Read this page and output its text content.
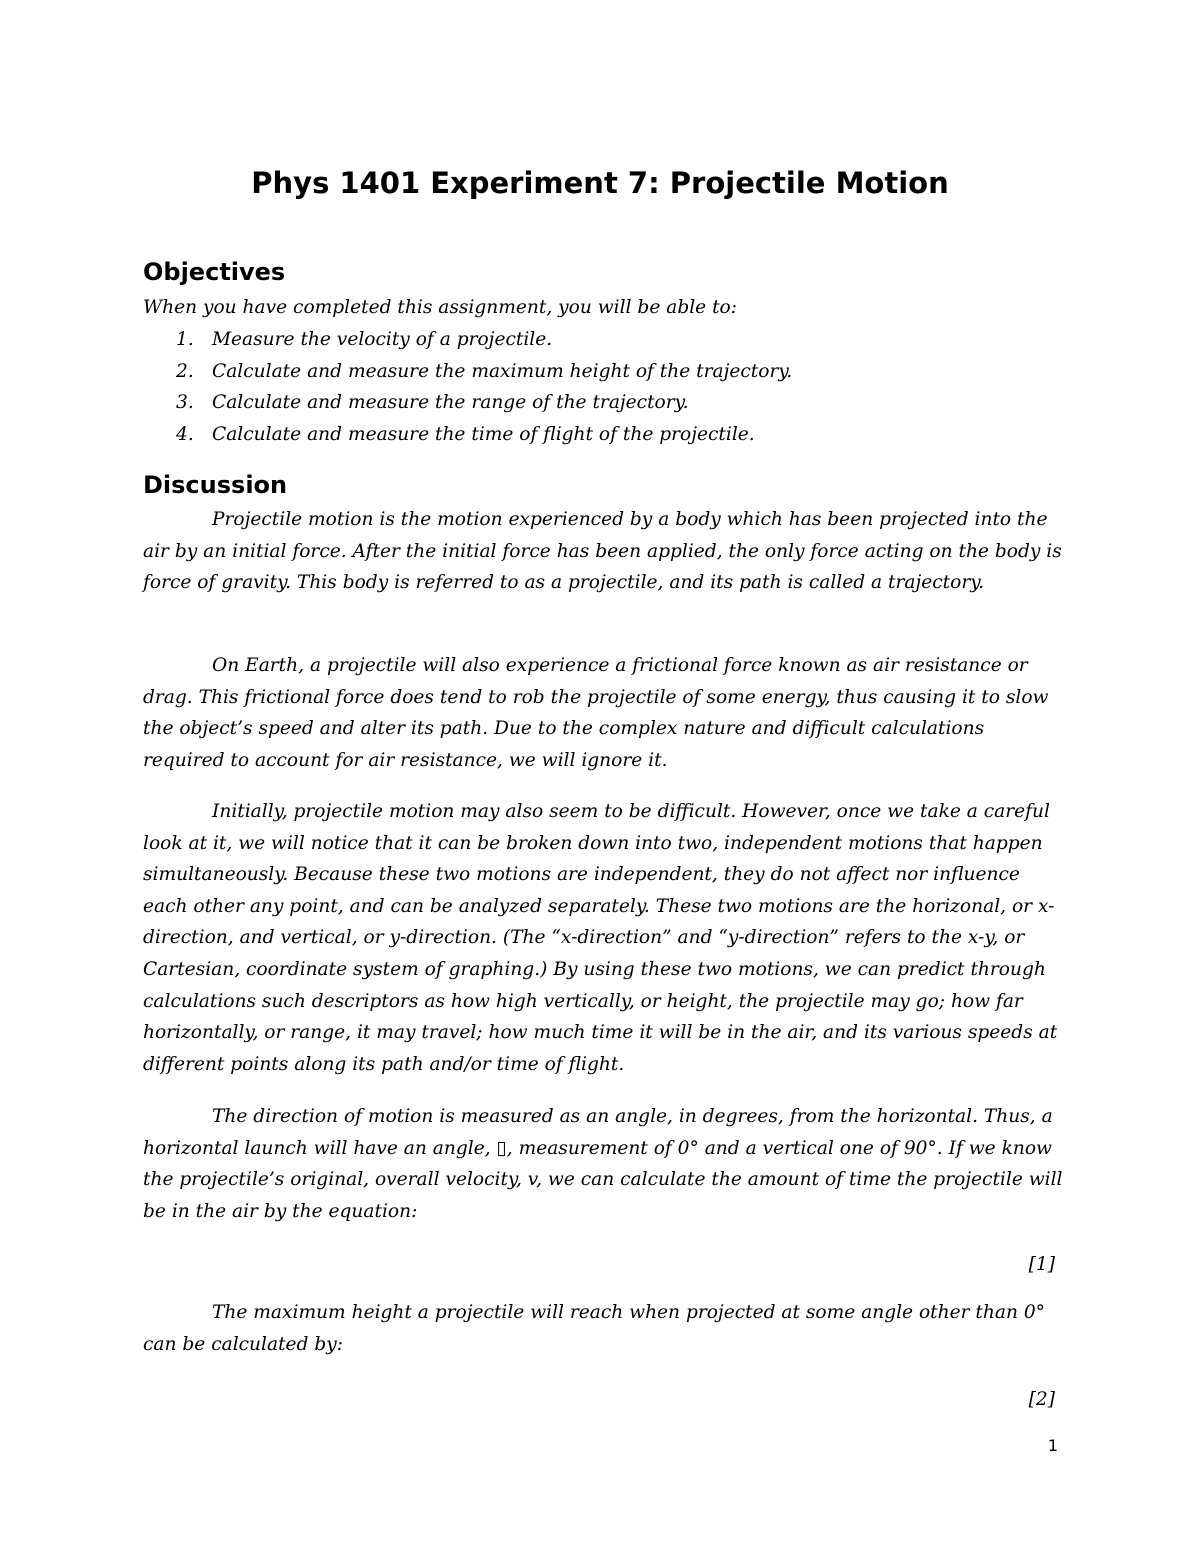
Phys 1401 Experiment 7: Projectile Motion
Objectives

When you have completed this assignment, you will be able to:

1. Measure the velocity of a projectile.
2. Calculate and measure the maximum height of the trajectory.
3. Calculate and measure the range of the trajectory.
4. Calculate and measure the time of flight of the projectile.
Discussion

Projectile motion is the motion experienced by a body which has been projected into the air by an initial force. After the initial force has been applied, the only force acting on the body is force of gravity. This body is referred to as a projectile, and its path is called a trajectory.

On Earth, a projectile will also experience a frictional force known as air resistance or drag. This frictional force does tend to rob the projectile of some energy, thus causing it to slow the object’s speed and alter its path. Due to the complex nature and difficult calculations required to account for air resistance, we will ignore it.

Initially, projectile motion may also seem to be difficult. However, once we take a careful look at it, we will notice that it can be broken down into two, independent motions that happen simultaneously. Because these two motions are independent, they do not affect nor influence each other any point, and can be analyzed separately. These two motions are the horizonal, or x-direction, and vertical, or y-direction. (The “x-direction” and “y-direction” refers to the x-y, or Cartesian, coordinate system of graphing.) By using these two motions, we can predict through calculations such descriptors as how high vertically, or height, the projectile may go; how far horizontally, or range, it may travel; how much time it will be in the air, and its various speeds at different points along its path and/or time of flight.

The direction of motion is measured as an angle, in degrees, from the horizontal. Thus, a horizontal launch will have an angle, ▯, measurement of 0° and a vertical one of 90°. If we know the projectile’s original, overall velocity, v, we can calculate the amount of time the projectile will be in the air by the equation:

[1]

The maximum height a projectile will reach when projected at some angle other than 0° can be calculated by:

[2]

1
